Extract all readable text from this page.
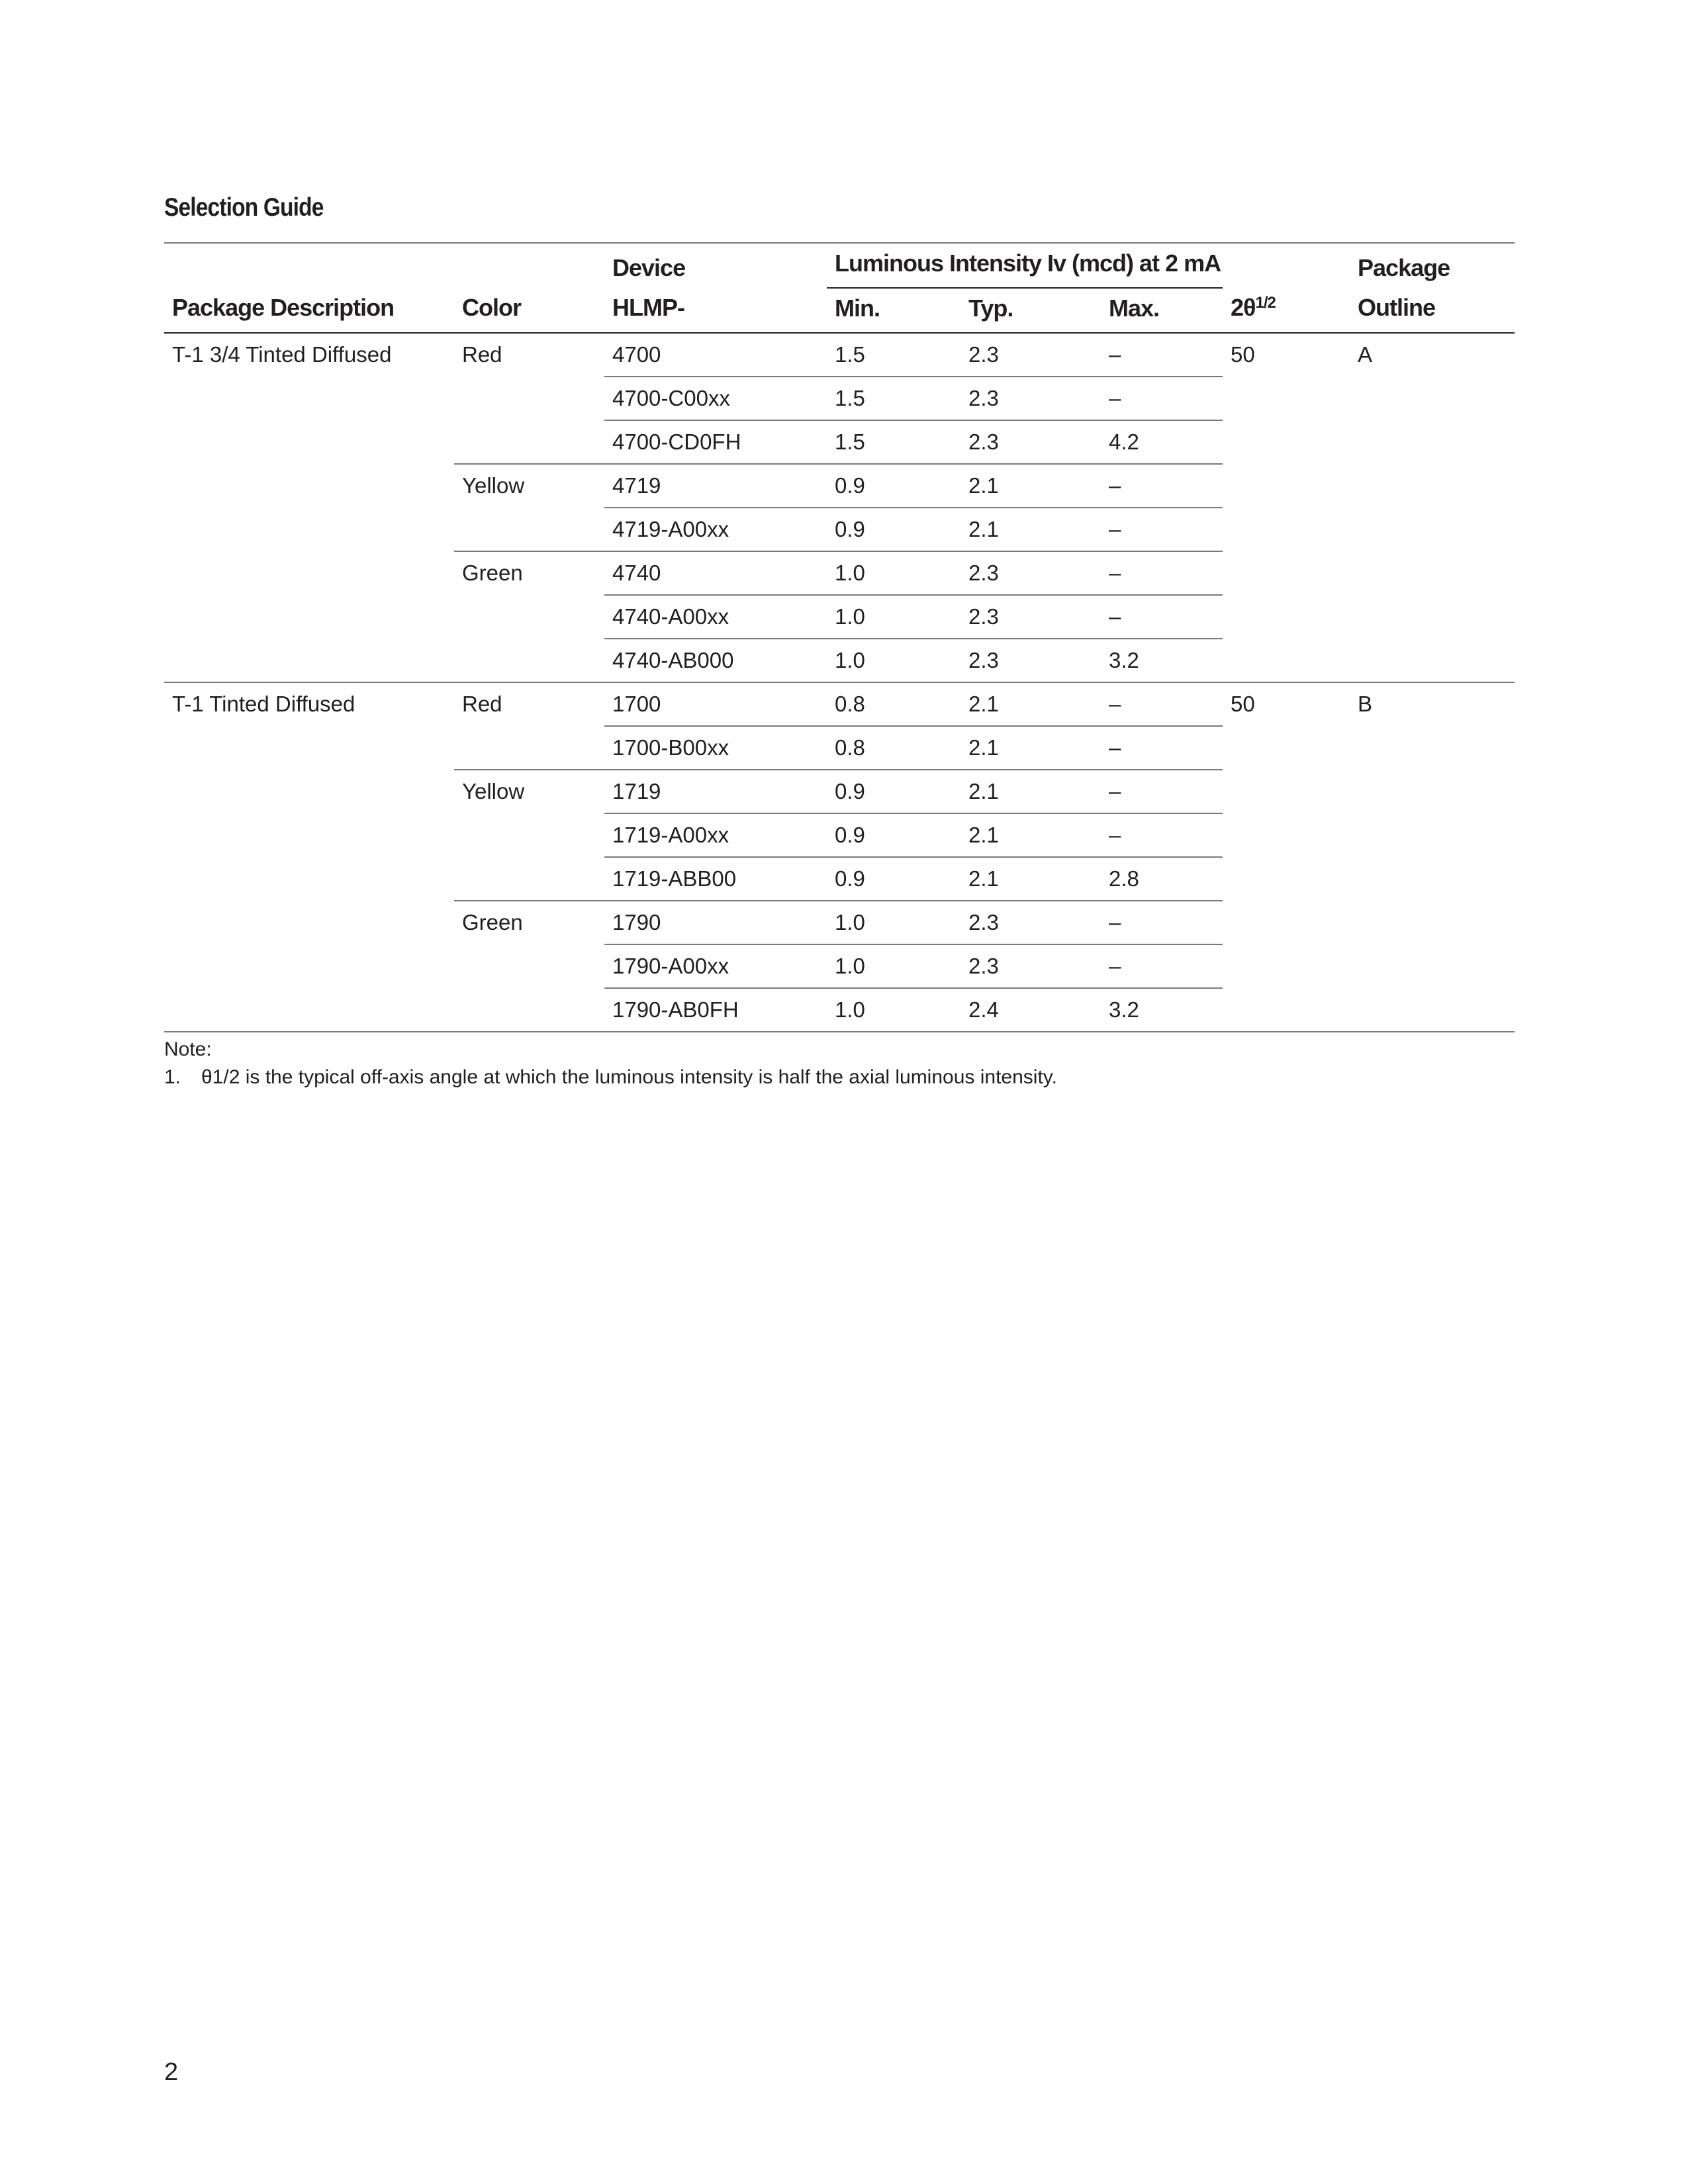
Selection Guide
		Device	Luminous Intensity Iv (mcd) at 2 mA				Package
Package Description	Color	HLMP-	Min.	Typ.	Max.	$2\theta^{1/2}$	Outline
T-1 3/4 Tinted Diffused	Red	4700	1.5	2.3	–	50	A
		4700-C00xx	1.5	2.3	–		
		4700-CD0FH	1.5	2.3	4.2		
	Yellow	4719	0.9	2.1	–		
		4719-A00xx	0.9	2.1	–		
	Green	4740	1.0	2.3	–		
		4740-A00xx	1.0	2.3	–		
		4740-AB000	1.0	2.3	3.2		
T-1 Tinted Diffused	Red	1700	0.8	2.1	–	50	B
		1700-B00xx	0.8	2.1	–		
	Yellow	1719	0.9	2.1	–		
		1719-A00xx	0.9	2.1	–		
		1719-ABB00	0.9	2.1	2.8		
	Green	1790	1.0	2.3	–		
		1790-A00xx	1.0	2.3	–		
		1790-AB0FH	1.0	2.4	3.2		
Note:
1.	θ1/2 is the typical off-axis angle at which the luminous intensity is half the axial luminous intensity.
2
